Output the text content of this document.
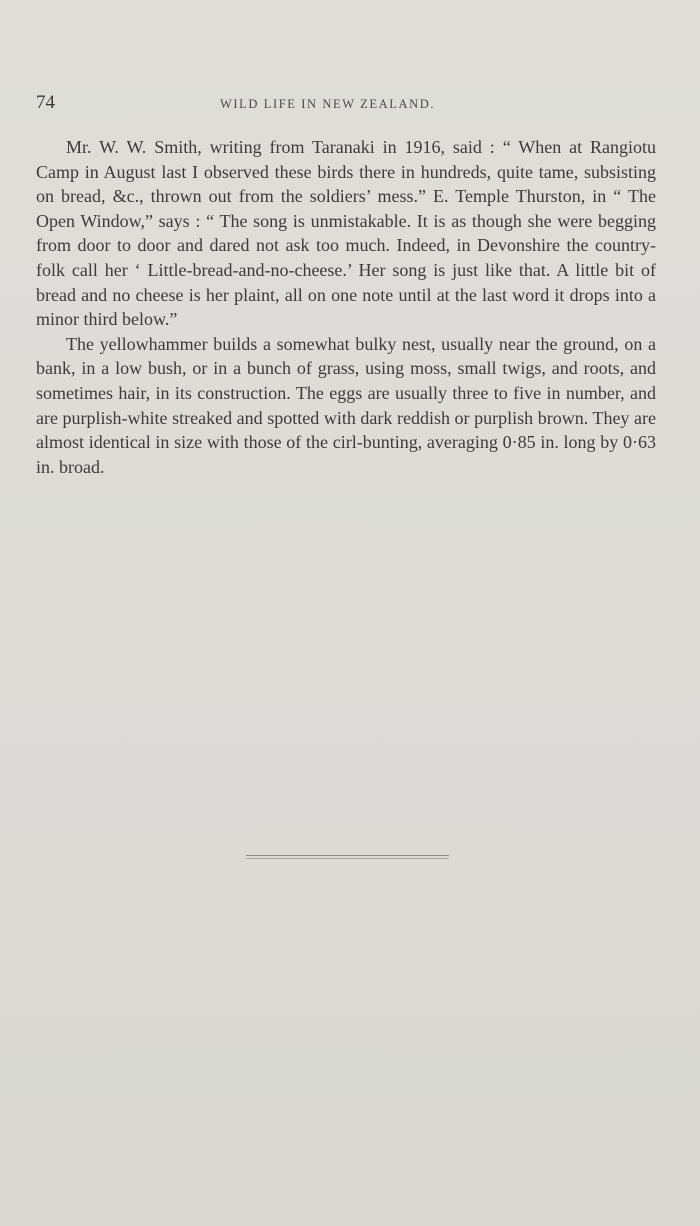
74	WILD LIFE IN NEW ZEALAND.

Mr. W. W. Smith, writing from Taranaki in 1916, said : “ When at Rangiotu Camp in August last I observed these birds there in hundreds, quite tame, subsisting on bread, &c., thrown out from the soldiers’ mess.” E. Temple Thurston, in “ The Open Window,” says : “ The song is unmistakable. It is as though she were begging from door to door and dared not ask too much. Indeed, in Devonshire the country-folk call her ‘ Little-bread-and-no-cheese.’ Her song is just like that. A little bit of bread and no cheese is her plaint, all on one note until at the last word it drops into a minor third below.”

The yellowhammer builds a somewhat bulky nest, usually near the ground, on a bank, in a low bush, or in a bunch of grass, using moss, small twigs, and roots, and sometimes hair, in its construction. The eggs are usually three to five in number, and are purplish-white streaked and spotted with dark reddish or purplish brown. They are almost identical in size with those of the cirl-bunting, averaging 0·85 in. long by 0·63 in. broad.
